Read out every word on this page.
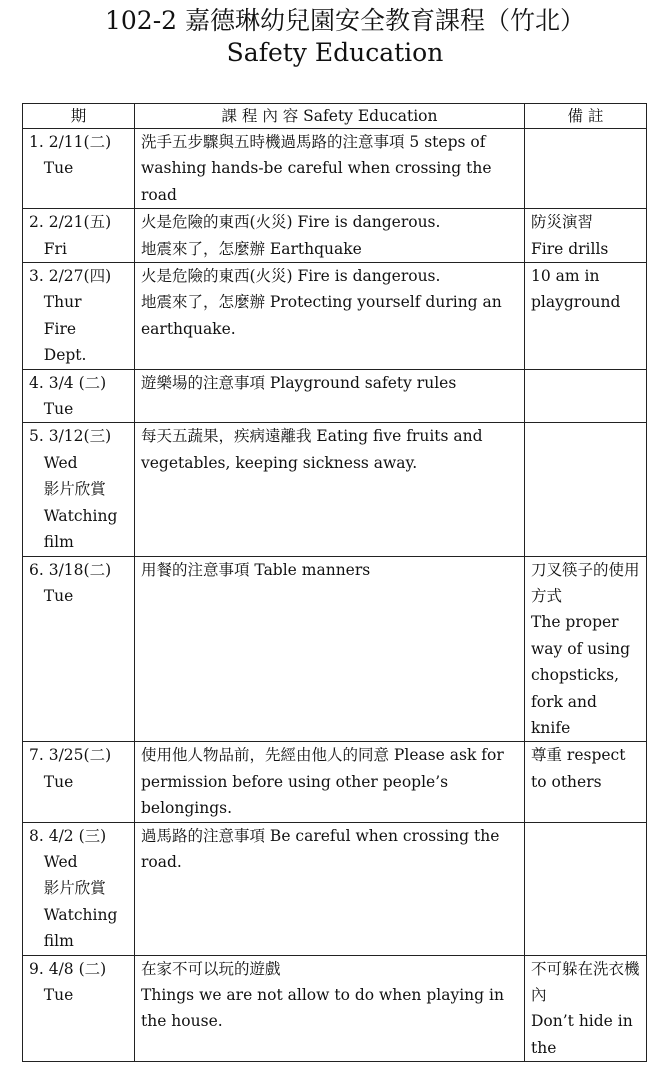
102-2 嘉德琳幼兒園安全教育課程（竹北）
Safety Education
期	課 程 內 容 Safety Education	備 註

1. 2/11(二)
Tue	洗手五步驟與五時機過馬路的注意事項 5 steps of washing hands-be careful when crossing the road	

2. 2/21(五)
Fri	火是危險的東西(火災) Fire is dangerous.
地震來了，怎麼辦 Earthquake	防災演習
Fire drills

3. 2/27(四)
Thur
Fire
Dept.	火是危險的東西(火災) Fire is dangerous.
地震來了，怎麼辦 Protecting yourself during an earthquake.	10 am in playground

4. 3/4 (二)
Tue	遊樂場的注意事項 Playground safety rules	

5. 3/12(三)
Wed
影片欣賞
Watching
film	每天五蔬果，疾病遠離我 Eating five fruits and vegetables, keeping sickness away.	

6. 3/18(二)
Tue	用餐的注意事項 Table manners	刀叉筷子的使用方式
The proper way of using chopsticks, fork and knife

7. 3/25(二)
Tue	使用他人物品前，先經由他人的同意 Please ask for permission before using other people’s belongings.	尊重 respect to others

8. 4/2 (三)
Wed
影片欣賞
Watching
film	過馬路的注意事項 Be careful when crossing the road.	

9. 4/8 (二)
Tue	在家不可以玩的遊戲
Things we are not allow to do when playing in the house.	不可躲在洗衣機內
Don’t hide in the
